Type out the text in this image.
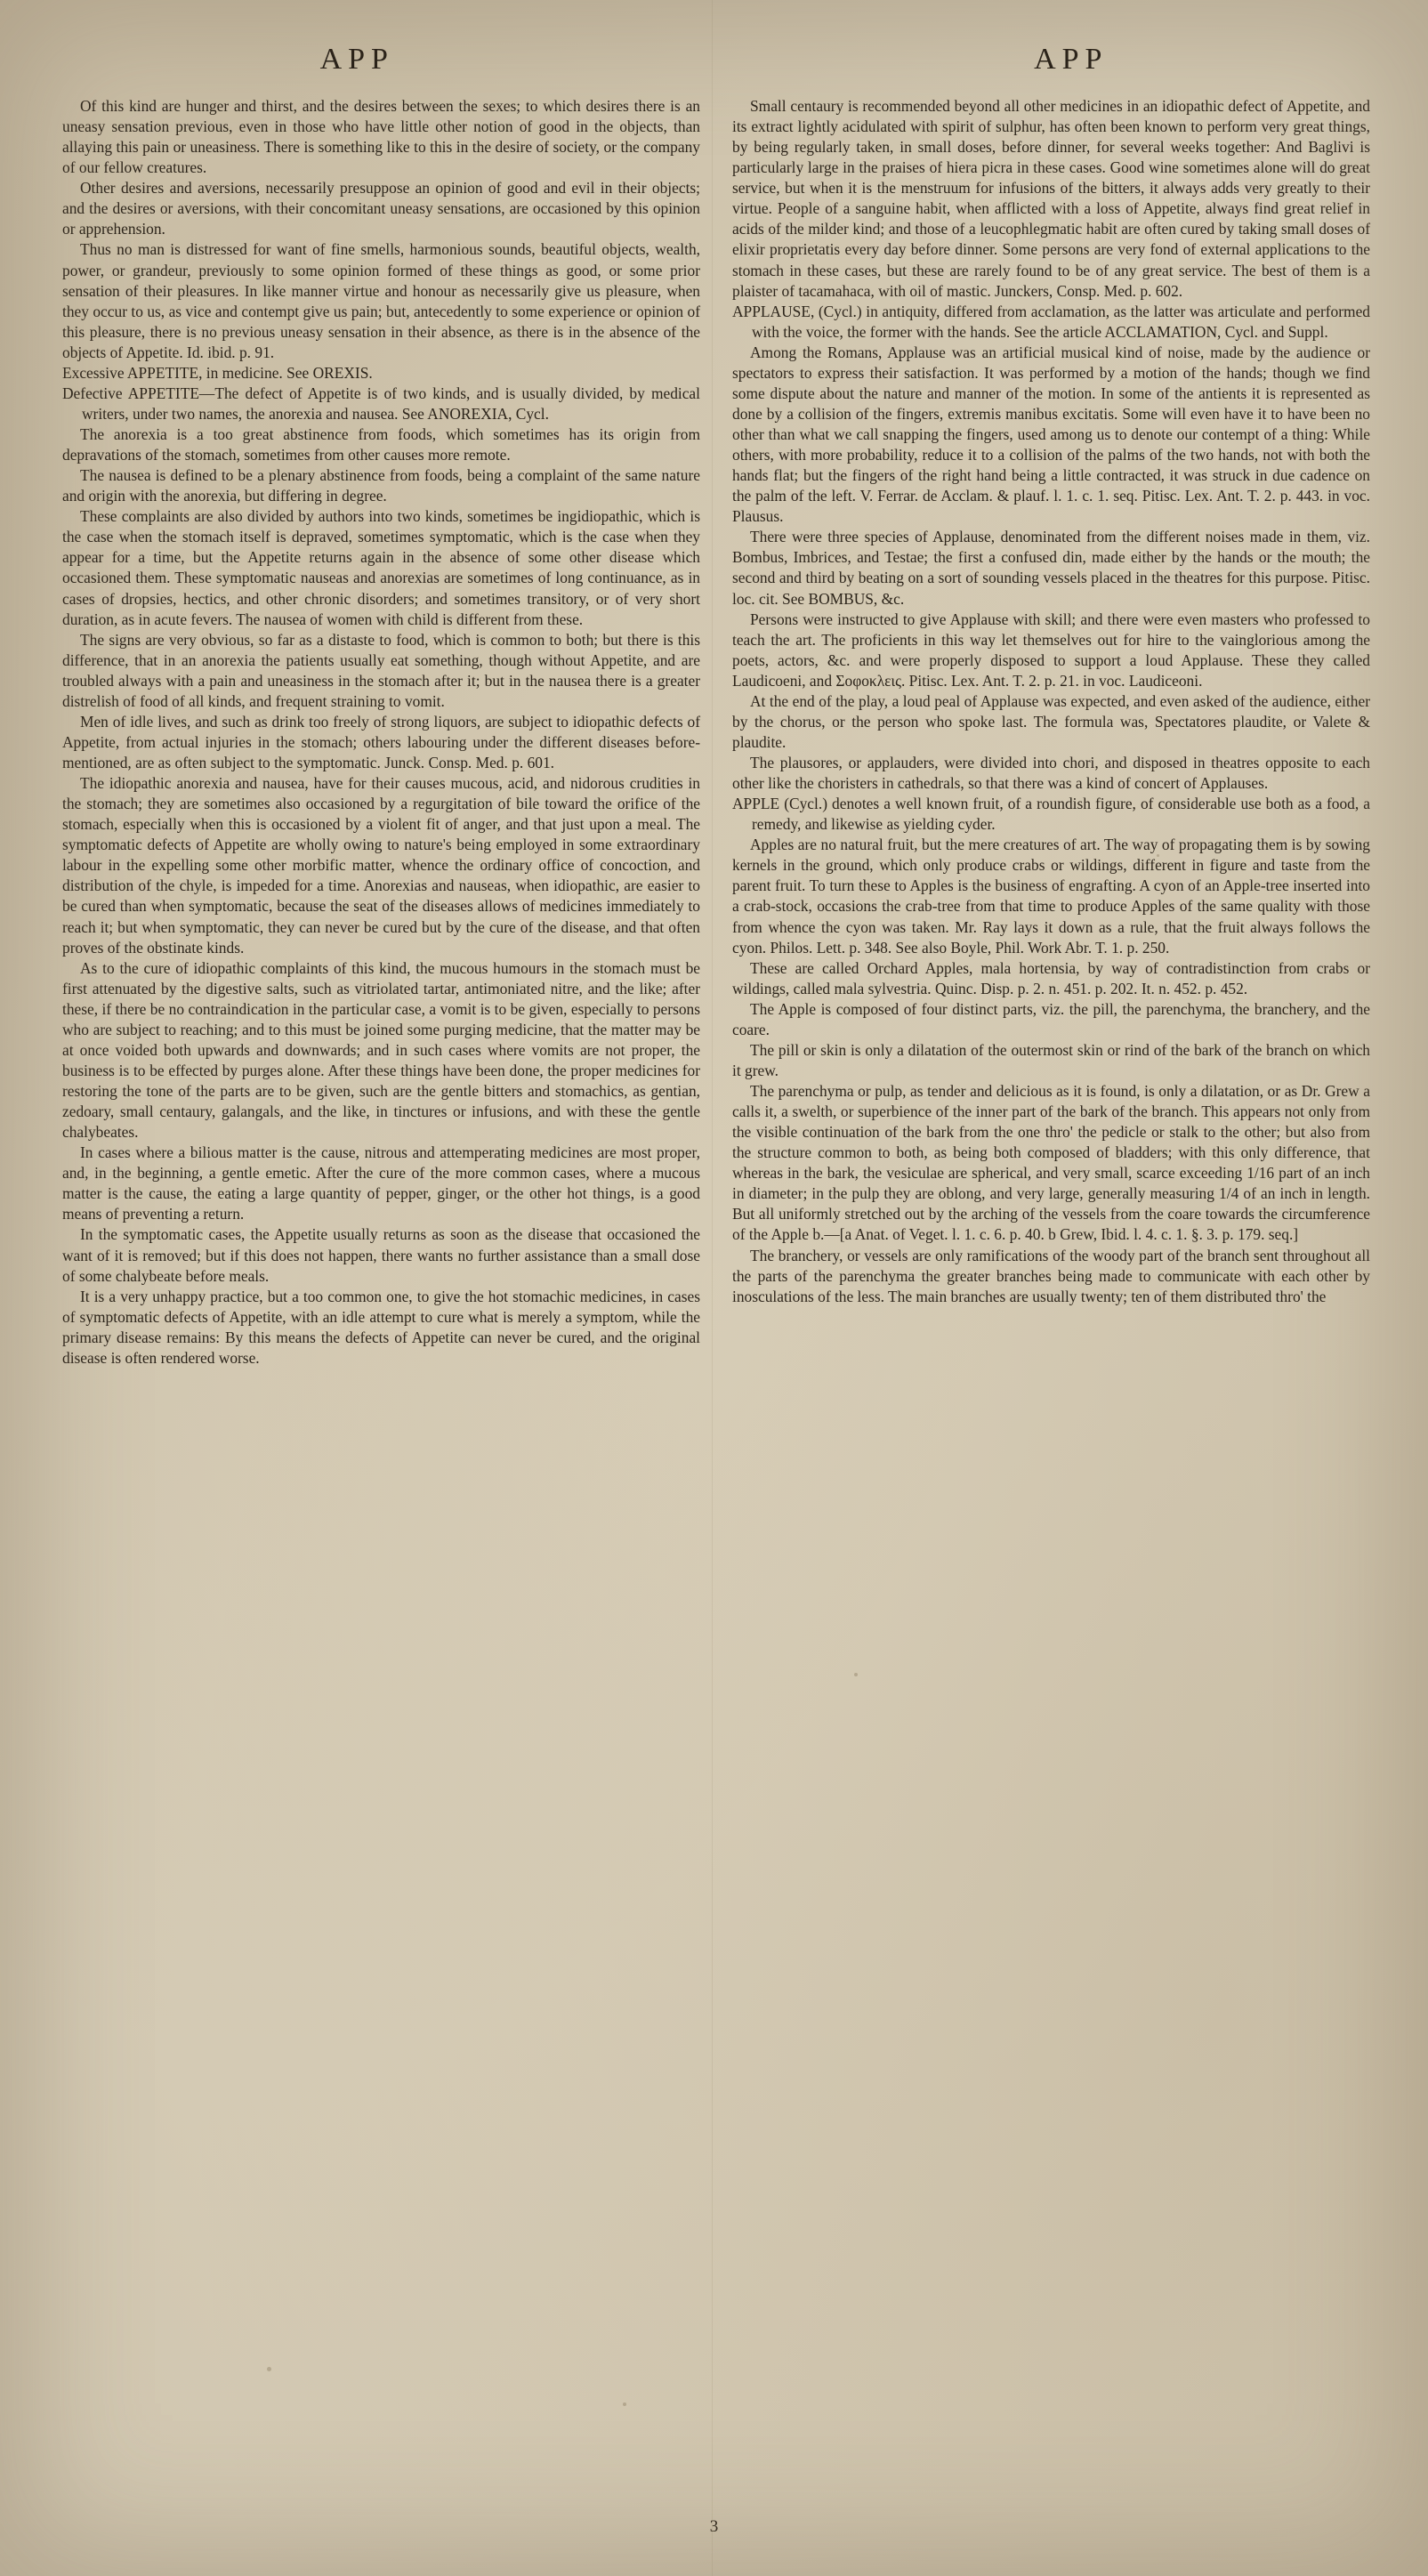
APP	APP

Of this kind are hunger and thirst, and the desires between the sexes; to which desires there is an uneasy sensation previous, even in those who have little other notion of good in the objects, than allaying this pain or uneasiness. There is something like to this in the desire of society, or the company of our fellow creatures.

Other desires and aversions, necessarily presuppose an opinion of good and evil in their objects; and the desires or aversions, with their concomitant uneasy sensations, are occasioned by this opinion or apprehension.

Thus no man is distressed for want of fine smells, harmonious sounds, beautiful objects, wealth, power, or grandeur, previously to some opinion formed of these things as good, or some prior sensation of their pleasures. In like manner virtue and honour as necessarily give us pleasure, when they occur to us, as vice and contempt give us pain; but, antecedently to some experience or opinion of this pleasure, there is no previous uneasy sensation in their absence, as there is in the absence of the objects of Appetite. Id. ibid. p. 91.

Excessive APPETITE, in medicine. See OREXIS.

Defective APPETITE—The defect of Appetite is of two kinds, and is usually divided, by medical writers, under two names, the anorexia and nausea. See ANOREXIA, Cycl.

The anorexia is a too great abstinence from foods, which sometimes has its origin from depravations of the stomach, sometimes from other causes more remote.

The nausea is defined to be a plenary abstinence from foods, being a complaint of the same nature and origin with the anorexia, but differing in degree.

These complaints are also divided by authors into two kinds, sometimes be ingidiopathic, which is the case when the stomach itself is depraved, sometimes symptomatic, which is the case when they appear for a time, but the Appetite returns again in the absence of some other disease which occasioned them. These symptomatic nauseas and anorexias are sometimes of long continuance, as in cases of dropsies, hectics, and other chronic disorders; and sometimes transitory, or of very short duration, as in acute fevers. The nausea of women with child is different from these.

The signs are very obvious, so far as a distaste to food, which is common to both; but there is this difference, that in an anorexia the patients usually eat something, though without Appetite, and are troubled always with a pain and uneasiness in the stomach after it; but in the nausea there is a greater distrelish of food of all kinds, and frequent straining to vomit.

Men of idle lives, and such as drink too freely of strong liquors, are subject to idiopathic defects of Appetite, from actual injuries in the stomach; others labouring under the different diseases before-mentioned, are as often subject to the symptomatic. Junck. Consp. Med. p. 601.

The idiopathic anorexia and nausea, have for their causes mucous, acid, and nidorous crudities in the stomach; they are sometimes also occasioned by a regurgitation of bile toward the orifice of the stomach, especially when this is occasioned by a violent fit of anger, and that just upon a meal. The symptomatic defects of Appetite are wholly owing to nature's being employed in some extraordinary labour in the expelling some other morbific matter, whence the ordinary office of concoction, and distribution of the chyle, is impeded for a time. Anorexias and nauseas, when idiopathic, are easier to be cured than when symptomatic, because the seat of the diseases allows of medicines immediately to reach it; but when symptomatic, they can never be cured but by the cure of the disease, and that often proves of the obstinate kinds.

As to the cure of idiopathic complaints of this kind, the mucous humours in the stomach must be first attenuated by the digestive salts, such as vitriolated tartar, antimoniated nitre, and the like; after these, if there be no contraindication in the particular case, a vomit is to be given, especially to persons who are subject to reaching; and to this must be joined some purging medicine, that the matter may be at once voided both upwards and downwards; and in such cases where vomits are not proper, the business is to be effected by purges alone. After these things have been done, the proper medicines for restoring the tone of the parts are to be given, such are the gentle bitters and stomachics, as gentian, zedoary, small centaury, galangals, and the like, in tinctures or infusions, and with these the gentle chalybeates.

In cases where a bilious matter is the cause, nitrous and attemperating medicines are most proper, and, in the beginning, a gentle emetic. After the cure of the more common cases, where a mucous matter is the cause, the eating a large quantity of pepper, ginger, or the other hot things, is a good means of preventing a return.

In the symptomatic cases, the Appetite usually returns as soon as the disease that occasioned the want of it is removed; but if this does not happen, there wants no further assistance than a small dose of some chalybeate before meals.

It is a very unhappy practice, but a too common one, to give the hot stomachic medicines, in cases of symptomatic defects of Appetite, with an idle attempt to cure what is merely a symptom, while the primary disease remains: By this means the defects of Appetite can never be cured, and the original disease is often rendered worse.

Small centaury is recommended beyond all other medicines in an idiopathic defect of Appetite, and its extract lightly acidulated with spirit of sulphur, has often been known to perform very great things, by being regularly taken, in small doses, before dinner, for several weeks together: And Baglivi is particularly large in the praises of hiera picra in these cases. Good wine sometimes alone will do great service, but when it is the menstruum for infusions of the bitters, it always adds very greatly to their virtue. People of a sanguine habit, when afflicted with a loss of Appetite, always find great relief in acids of the milder kind; and those of a leucophlegmatic habit are often cured by taking small doses of elixir proprietatis every day before dinner. Some persons are very fond of external applications to the stomach in these cases, but these are rarely found to be of any great service. The best of them is a plaister of tacamahaca, with oil of mastic. Junckers, Consp. Med. p. 602.

APPLAUSE, (Cycl.) in antiquity, differed from acclamation, as the latter was articulate and performed with the voice, the former with the hands. See the article ACCLAMATION, Cycl. and Suppl.

Among the Romans, Applause was an artificial musical kind of noise, made by the audience or spectators to express their satisfaction. It was performed by a motion of the hands; though we find some dispute about the nature and manner of the motion. In some of the antients it is represented as done by a collision of the fingers, extremis manibus excitatis. Some will even have it to have been no other than what we call snapping the fingers, used among us to denote our contempt of a thing: While others, with more probability, reduce it to a collision of the palms of the two hands, not with both the hands flat; but the fingers of the right hand being a little contracted, it was struck in due cadence on the palm of the left. V. Ferrar. de Acclam. & plauf. l. 1. c. 1. seq. Pitisc. Lex. Ant. T. 2. p. 443. in voc. Plausus.

There were three species of Applause, denominated from the different noises made in them, viz. Bombus, Imbrices, and Testae; the first a confused din, made either by the hands or the mouth; the second and third by beating on a sort of sounding vessels placed in the theatres for this purpose. Pitisc. loc. cit. See BOMBUS, &c.

Persons were instructed to give Applause with skill; and there were even masters who professed to teach the art. The proficients in this way let themselves out for hire to the vainglorious among the poets, actors, &c. and were properly disposed to support a loud Applause. These they called Laudicoeni, and Σοφοκλεις. Pitisc. Lex. Ant. T. 2. p. 21. in voc. Laudiceoni.

At the end of the play, a loud peal of Applause was expected, and even asked of the audience, either by the chorus, or the person who spoke last. The formula was, Spectatores plaudite, or Valete & plaudite.

The plausores, or applauders, were divided into chori, and disposed in theatres opposite to each other like the choristers in cathedrals, so that there was a kind of concert of Applauses.

APPLE (Cycl.) denotes a well known fruit, of a roundish figure, of considerable use both as a food, a remedy, and likewise as yielding cyder.

Apples are no natural fruit, but the mere creatures of art. The way of propagating them is by sowing kernels in the ground, which only produce crabs or wildings, different in figure and taste from the parent fruit. To turn these to Apples is the business of engrafting. A cyon of an Apple-tree inserted into a crab-stock, occasions the crab-tree from that time to produce Apples of the same quality with those from whence the cyon was taken. Mr. Ray lays it down as a rule, that the fruit always follows the cyon. Philos. Lett. p. 348. See also Boyle, Phil. Work Abr. T. 1. p. 250.

These are called Orchard Apples, mala hortensia, by way of contradistinction from crabs or wildings, called mala sylvestria. Quinc. Disp. p. 2. n. 451. p. 202. It. n. 452. p. 452.

The Apple is composed of four distinct parts, viz. the pill, the parenchyma, the branchery, and the coare.

The pill or skin is only a dilatation of the outermost skin or rind of the bark of the branch on which it grew.

The parenchyma or pulp, as tender and delicious as it is found, is only a dilatation, or as Dr. Grew a calls it, a swelth, or superbience of the inner part of the bark of the branch. This appears not only from the visible continuation of the bark from the one thro' the pedicle or stalk to the other; but also from the structure common to both, as being both composed of bladders; with this only difference, that whereas in the bark, the vesiculae are spherical, and very small, scarce exceeding 1/16 part of an inch in diameter; in the pulp they are oblong, and very large, generally measuring 1/4 of an inch in length. But all uniformly stretched out by the arching of the vessels from the coare towards the circumference of the Apple b.—[a Anat. of Veget. l. 1. c. 6. p. 40. b Grew, Ibid. l. 4. c. 1. §. 3. p. 179. seq.]

The branchery, or vessels are only ramifications of the woody part of the branch sent throughout all the parts of the parenchyma the greater branches being made to communicate with each other by inosculations of the less. The main branches are usually twenty; ten of them distributed thro' the

3
